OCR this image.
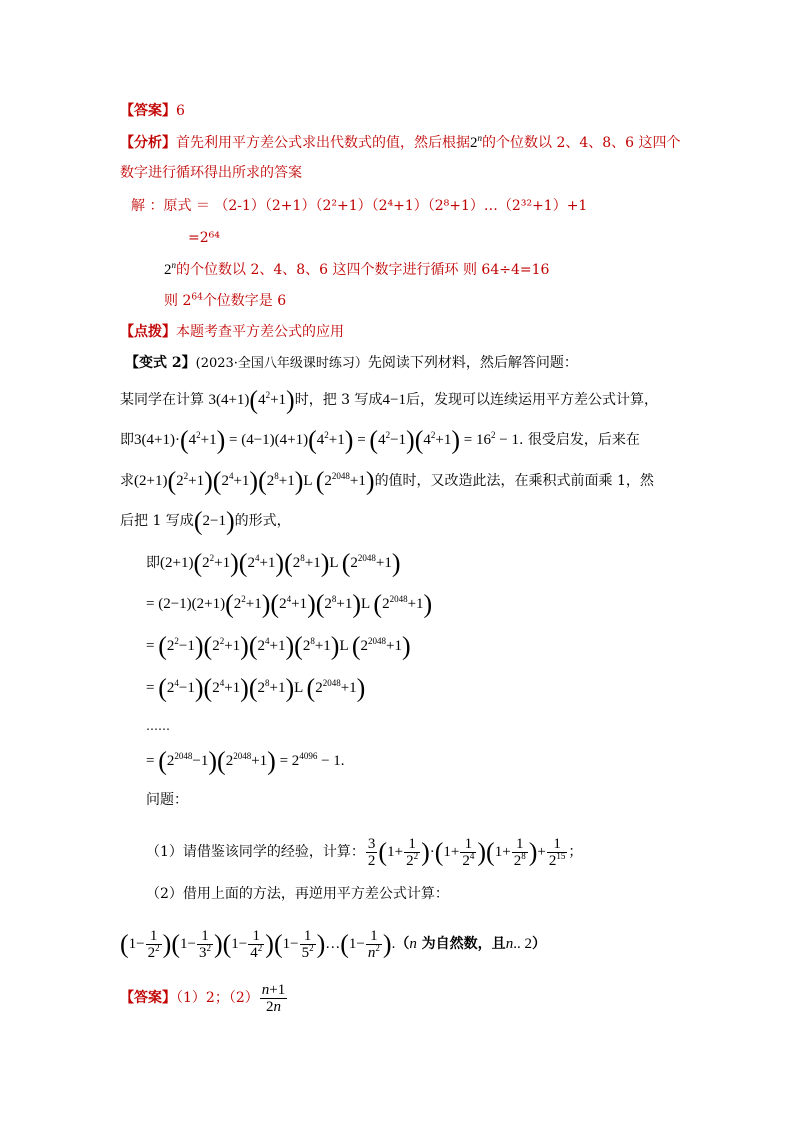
【答案】6
【分析】首先利用平方差公式求出代数式的值，然后根据2$^n$的个位数以 2、4、8、6 这四个
数字进行循环得出所求的答案
解 ：原式 ＝ （2-1）（2+1）（2²+1）（2⁴+1）（2⁸+1）…（2³²+1）+1
=2⁶⁴
2$^n$的个位数以 2、4、8、6 这四个数字进行循环 则 64÷4=16
则 $2^{64}$个位数字是 6
【点拨】本题考查平方差公式的应用
【变式 2】(2023·全国八年级课时练习）先阅读下列材料，然后解答问题：
某同学在计算 $3(4+1)(4^2+1)$时，把 3 写成4−1后，发现可以连续运用平方差公式计算，
即$3(4+1)\cdot(4^2+1) = (4-1)(4+1)(4^2+1) = (4^2-1)(4^2+1) = 16^2 - 1$. 很受启发，后来在
求$(2+1)(2^2+1)(2^4+1)(2^8+1)L$ $(2^{2048}+1)$的值时，又改造此法，在乘积式前面乘 1，然
后把 1 写成(2−1)的形式，
即$(2+1)(2^2+1)(2^4+1)(2^8+1)L$ $(2^{2048}+1)$
= $(2-1)(2+1)(2^2+1)(2^4+1)(2^8+1)L$ $(2^{2048}+1)$
= $(2^2-1)(2^2+1)(2^4+1)(2^8+1)L$ $(2^{2048}+1)$
= $(2^4-1)(2^4+1)(2^8+1)L$ $(2^{2048}+1)$
……
= $(2^{2048}-1)(2^{2048}+1) = 2^{4096} - 1$.
问题：
（1）请借鉴该同学的经验，计算： $\frac{3}{2} (1+ \frac{1}{2^2} )\cdot(1+ \frac{1}{2^4} )(1+ \frac{1}{2^8}$ )+ $\frac{1}{2^{15}}$ ；
（2）借用上面的方法，再逆用平方差公式计算：
$(1- \frac{1}{2^2} )(1- \frac{1}{3^2} )(1- \frac{1}{4^2} )(1- \frac{1}{5^2}$ )…(1− $\frac{1}{n^2} ).(n$ 为自然数，且n.. 2）
【答案】（1）2；$(2) \frac{n+1}{2n}$
